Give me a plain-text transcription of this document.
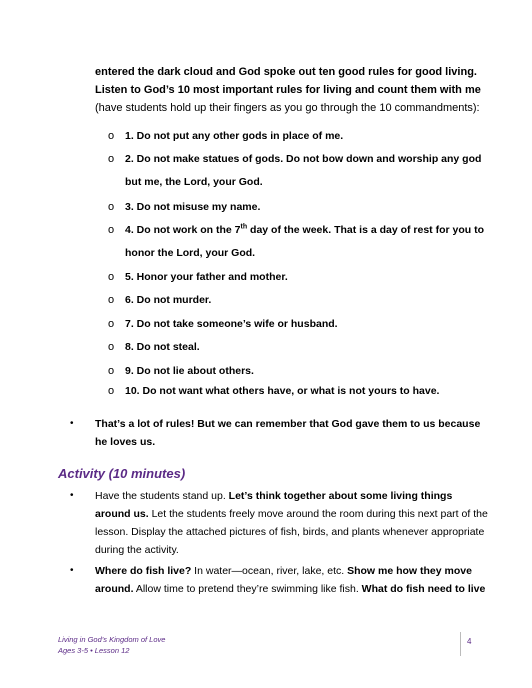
entered the dark cloud and God spoke out ten good rules for good living. Listen to God’s 10 most important rules for living and count them with me (have students hold up their fingers as you go through the 10 commandments):
o	1. Do not put any other gods in place of me.
o	2. Do not make statues of gods. Do not bow down and worship any god
but me, the Lord, your God.
o	3. Do not misuse my name.
o	4. Do not work on the 7th day of the week. That is a day of rest for you to
honor the Lord, your God.
o	5. Honor your father and mother.
o	6. Do not murder.
o	7. Do not take someone’s wife or husband.
o	8. Do not steal.
o	9. Do not lie about others.
o	10. Do not want what others have, or what is not yours to have.
• That’s a lot of rules! But we can remember that God gave them to us because he loves us.
Activity (10 minutes)
• Have the students stand up. Let’s think together about some living things around us. Let the students freely move around the room during this next part of the lesson. Display the attached pictures of fish, birds, and plants whenever appropriate during the activity.
• Where do fish live? In water—ocean, river, lake, etc. Show me how they move around. Allow time to pretend they’re swimming like fish. What do fish need to live
Living in God’s Kingdom of Love
Ages 3-5 • Lesson 12
4
